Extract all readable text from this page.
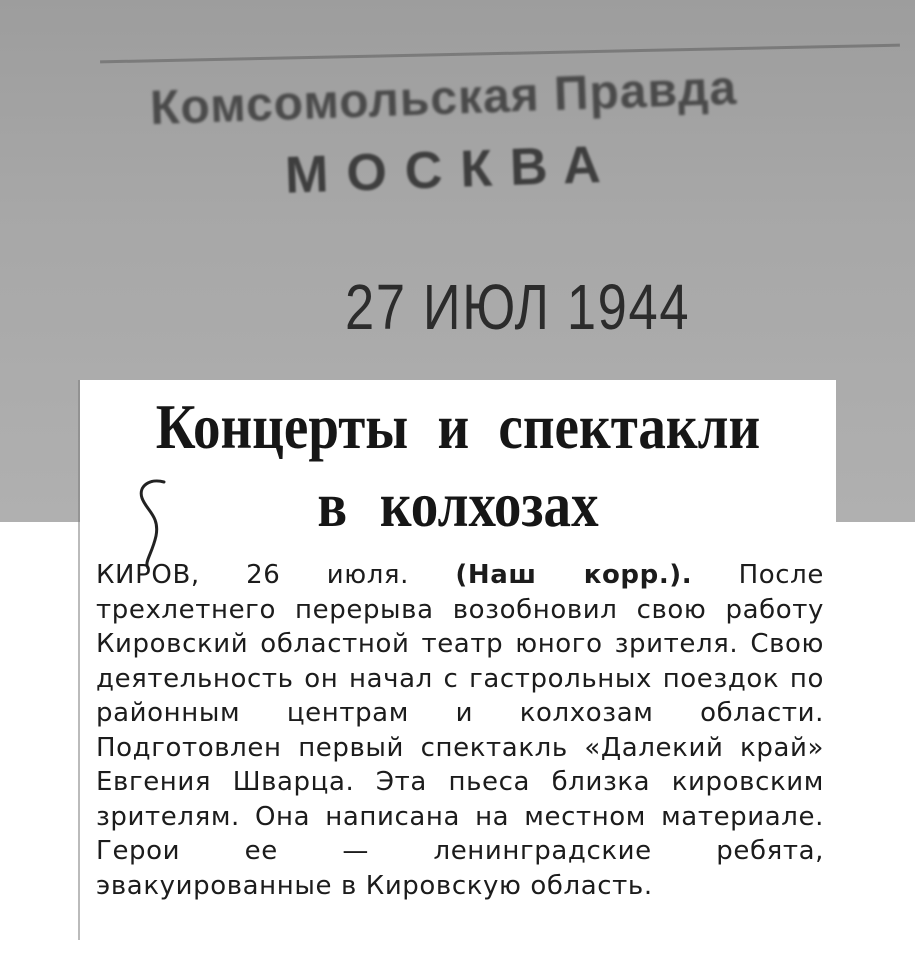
Комсомольская Правда
МОСКВА
27 ИЮЛ 1944
Концерты и спектакли
в колхозах
КИРОВ, 26 июля. (Наш корр.). После трехлетнего перерыва возобновил свою работу Кировский областной театр юного зрителя. Свою деятельность он начал с гастрольных поездок по районным центрам и колхозам области. Подготовлен первый спектакль «Далекий край» Евгения Шварца. Эта пьеса близка кировским зрителям. Она написана на местном материале. Герои ее — ленинградские ребята, эвакуированные в Кировскую область.
